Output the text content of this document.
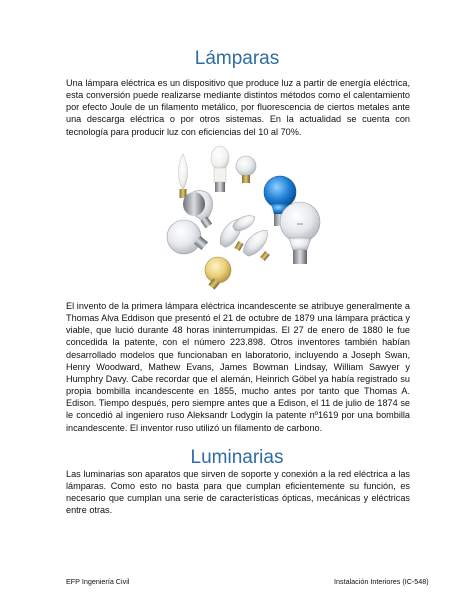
Lámparas

Una lámpara eléctrica es un dispositivo que produce luz a partir de energía eléctrica, esta conversión puede realizarse mediante distintos métodos como el calentamiento por efecto Joule de un filamento metálico, por fluorescencia de ciertos metales ante una descarga eléctrica o por otros sistemas. En la actualidad se cuenta con tecnología para producir luz con eficiencias del 10 al 70%.

El invento de la primera lámpara eléctrica incandescente se atribuye generalmente a Thomas Alva Eddison que presentó el 21 de octubre de 1879 una lámpara práctica y viable, que lució durante 48 horas ininterrumpidas. El 27 de enero de 1880 le fue concedida la patente, con el número 223.898. Otros inventores también habían desarrollado modelos que funcionaban en laboratorio, incluyendo a Joseph Swan, Henry Woodward, Mathew Evans, James Bowman Lindsay, William Sawyer y Humphry Davy. Cabe recordar que el alemán, Heinrich Göbel ya había registrado su propia bombilla incandescente en 1855, mucho antes por tanto que Thomas A. Edison. Tiempo después, pero siempre antes que a Edison, el 11 de julio de 1874 se le concedió al ingeniero ruso Aleksandr Lodygin la patente nº1619 por una bombilla incandescente. El inventor ruso utilizó un filamento de carbono.

Luminarias

Las luminarias son aparatos que sirven de soporte y conexión a la red eléctrica a las lámparas. Como esto no basta para que cumplan eficientemente su función, es necesario que cumplan una serie de características ópticas, mecánicas y eléctricas entre otras.

EFP Ingeniería Civil	Instalación Interiores (IC-548)
